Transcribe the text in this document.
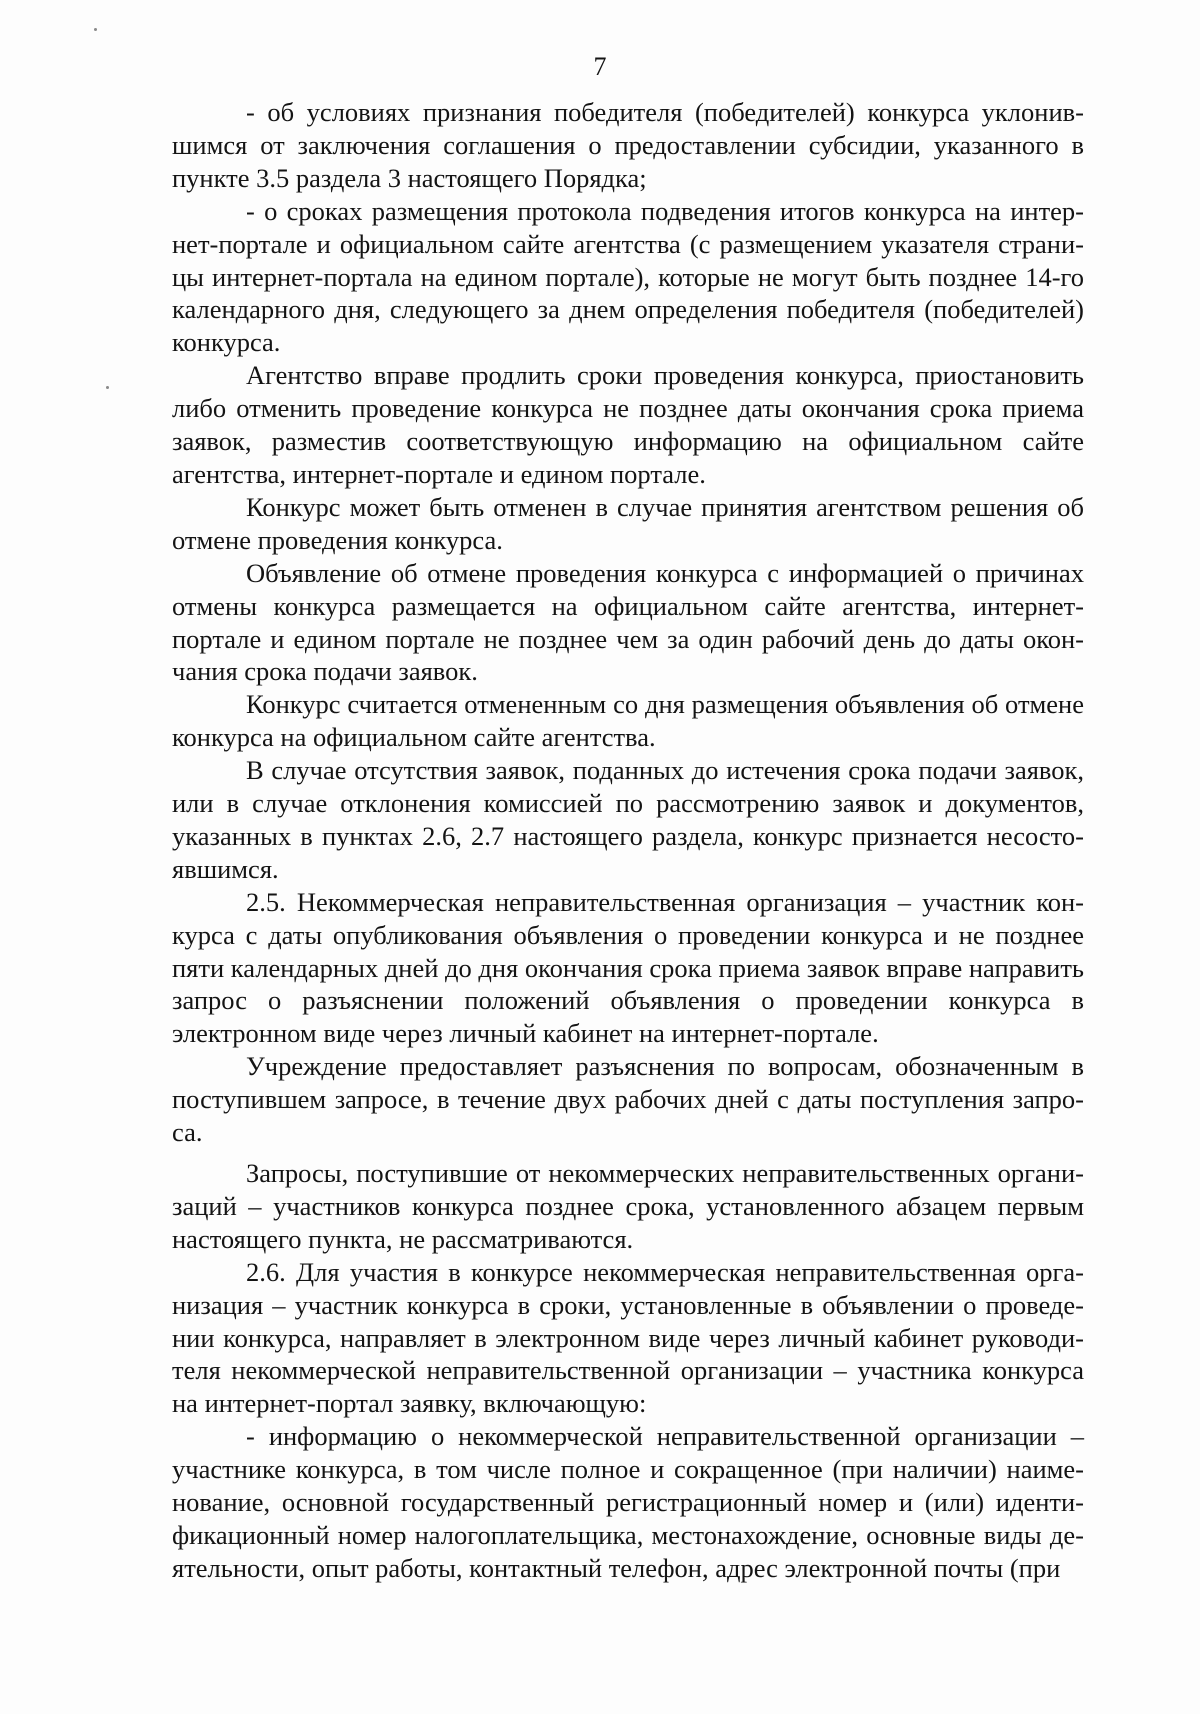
7

- об условиях признания победителя (победителей) конкурса уклонившимся от заключения соглашения о предоставлении субсидии, указанного в пункте 3.5 раздела 3 настоящего Порядка;

- о сроках размещения протокола подведения итогов конкурса на интернет-портале и официальном сайте агентства (с размещением указателя страницы интернет-портала на едином портале), которые не могут быть позднее 14-го календарного дня, следующего за днем определения победителя (победителей) конкурса.

Агентство вправе продлить сроки проведения конкурса, приостановить либо отменить проведение конкурса не позднее даты окончания срока приема заявок, разместив соответствующую информацию на официальном сайте агентства, интернет-портале и едином портале.

Конкурс может быть отменен в случае принятия агентством решения об отмене проведения конкурса.

Объявление об отмене проведения конкурса с информацией о причинах отмены конкурса размещается на официальном сайте агентства, интернет-портале и едином портале не позднее чем за один рабочий день до даты окончания срока подачи заявок.

Конкурс считается отмененным со дня размещения объявления об отмене конкурса на официальном сайте агентства.

В случае отсутствия заявок, поданных до истечения срока подачи заявок, или в случае отклонения комиссией по рассмотрению заявок и документов, указанных в пунктах 2.6, 2.7 настоящего раздела, конкурс признается несостоявшимся.

2.5. Некоммерческая неправительственная организация – участник конкурса с даты опубликования объявления о проведении конкурса и не позднее пяти календарных дней до дня окончания срока приема заявок вправе направить запрос о разъяснении положений объявления о проведении конкурса в электронном виде через личный кабинет на интернет-портале.

Учреждение предоставляет разъяснения по вопросам, обозначенным в поступившем запросе, в течение двух рабочих дней с даты поступления запроса.

Запросы, поступившие от некоммерческих неправительственных организаций – участников конкурса позднее срока, установленного абзацем первым настоящего пункта, не рассматриваются.

2.6. Для участия в конкурсе некоммерческая неправительственная организация – участник конкурса в сроки, установленные в объявлении о проведении конкурса, направляет в электронном виде через личный кабинет руководителя некоммерческой неправительственной организации – участника конкурса на интернет-портал заявку, включающую:

- информацию о некоммерческой неправительственной организации – участнике конкурса, в том числе полное и сокращенное (при наличии) наименование, основной государственный регистрационный номер и (или) идентификационный номер налогоплательщика, местонахождение, основные виды деятельности, опыт работы, контактный телефон, адрес электронной почты (при
